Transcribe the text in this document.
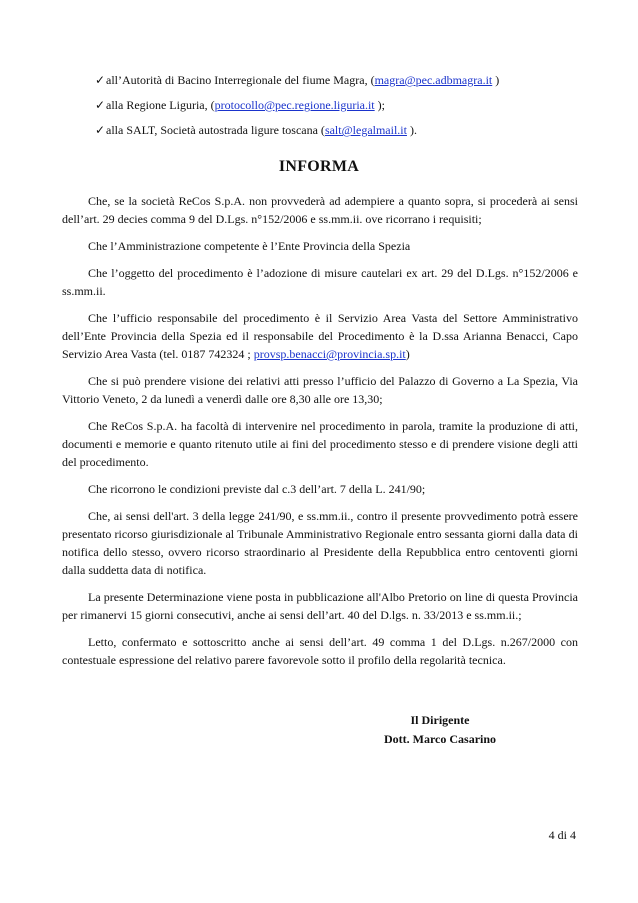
✓all’Autorità di Bacino Interregionale del fiume Magra, (magra@pec.adbmagra.it )
✓alla Regione Liguria, (protocollo@pec.regione.liguria.it );
✓alla SALT, Società autostrada ligure toscana (salt@legalmail.it ).
INFORMA

Che, se la società ReCos S.p.A. non provvederà ad adempiere a quanto sopra, si procederà ai sensi dell’art. 29 decies comma 9 del D.Lgs. n°152/2006 e ss.mm.ii. ove ricorrano i requisiti;

Che l’Amministrazione competente è l’Ente Provincia della Spezia

Che l’oggetto del procedimento è l’adozione di misure cautelari ex art. 29 del D.Lgs. n°152/2006 e ss.mm.ii.

Che l’ufficio responsabile del procedimento è il Servizio Area Vasta del Settore Amministrativo dell’Ente Provincia della Spezia ed il responsabile del Procedimento è la D.ssa Arianna Benacci, Capo Servizio Area Vasta (tel. 0187 742324 ; provsp.benacci@provincia.sp.it)

Che si può prendere visione dei relativi atti presso l’ufficio del Palazzo di Governo a La Spezia, Via Vittorio Veneto, 2 da lunedì a venerdì dalle ore 8,30 alle ore 13,30;

Che ReCos S.p.A. ha facoltà di intervenire nel procedimento in parola, tramite la produzione di atti, documenti e memorie e quanto ritenuto utile ai fini del procedimento stesso e di prendere visione degli atti del procedimento.

Che ricorrono le condizioni previste dal c.3 dell’art. 7 della L. 241/90;

Che, ai sensi dell'art. 3 della legge 241/90, e ss.mm.ii., contro il presente provvedimento potrà essere presentato ricorso giurisdizionale al Tribunale Amministrativo Regionale entro sessanta giorni dalla data di notifica dello stesso, ovvero ricorso straordinario al Presidente della Repubblica entro centoventi giorni dalla suddetta data di notifica.

La presente Determinazione viene posta in pubblicazione all'Albo Pretorio on line di questa Provincia per rimanervi 15 giorni consecutivi, anche ai sensi dell’art. 40 del D.lgs. n. 33/2013 e ss.mm.ii.;

Letto, confermato e sottoscritto anche ai sensi dell’art. 49 comma 1 del D.Lgs. n.267/2000 con contestuale espressione del relativo parere favorevole sotto il profilo della regolarità tecnica.

Il Dirigente
Dott. Marco Casarino
4 di 4
